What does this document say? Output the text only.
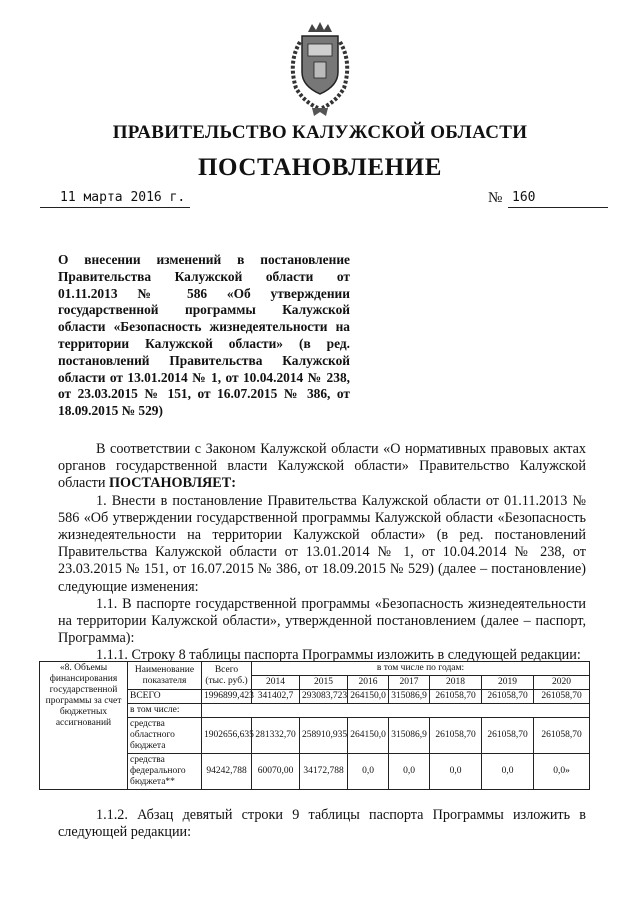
ПРАВИТЕЛЬСТВО КАЛУЖСКОЙ ОБЛАСТИ
ПОСТАНОВЛЕНИЕ
11 марта 2016 г.	№ 160
О внесении изменений в постановление Правительства Калужской области от 01.11.2013 № 586 «Об утверждении государственной программы Калужской области «Безопасность жизнедеятельности на территории Калужской области» (в ред. постановлений Правительства Калужской области от 13.01.2014 № 1, от 10.04.2014 № 238, от 23.03.2015 № 151, от 16.07.2015 № 386, от 18.09.2015 № 529)

В соответствии с Законом Калужской области «О нормативных правовых актах органов государственной власти Калужской области» Правительство Калужской области ПОСТАНОВЛЯЕТ:

1. Внести в постановление Правительства Калужской области от 01.11.2013 № 586 «Об утверждении государственной программы Калужской области «Безопасность жизнедеятельности на территории Калужской области» (в ред. постановлений Правительства Калужской области от 13.01.2014 № 1, от 10.04.2014 № 238, от 23.03.2015 № 151, от 16.07.2015 № 386, от 18.09.2015 № 529) (далее – постановление) следующие изменения:

1.1. В паспорте государственной программы «Безопасность жизнедеятельности на территории Калужской области», утвержденной постановлением (далее – паспорт, Программа):

1.1.1. Строку 8 таблицы паспорта Программы изложить в следующей редакции:

«8. Объемы финансирования государственной программы за счет бюджетных ассигнований	Наименование показателя	Всего (тыс. руб.)	в том числе по годам:						
			2014	2015	2016	2017	2018	2019	2020
	ВСЕГО	1996899,423	341402,7	293083,723	264150,0	315086,9	261058,70	261058,70	261058,70
	в том числе:								
	средства областного бюджета	1902656,635	281332,70	258910,935	264150,0	315086,9	261058,70	261058,70	261058,70
	средства федерального бюджета**	94242,788	60070,00	34172,788	0,0	0,0	0,0	0,0	0,0»

1.1.2. Абзац девятый строки 9 таблицы паспорта Программы изложить в следующей редакции:
